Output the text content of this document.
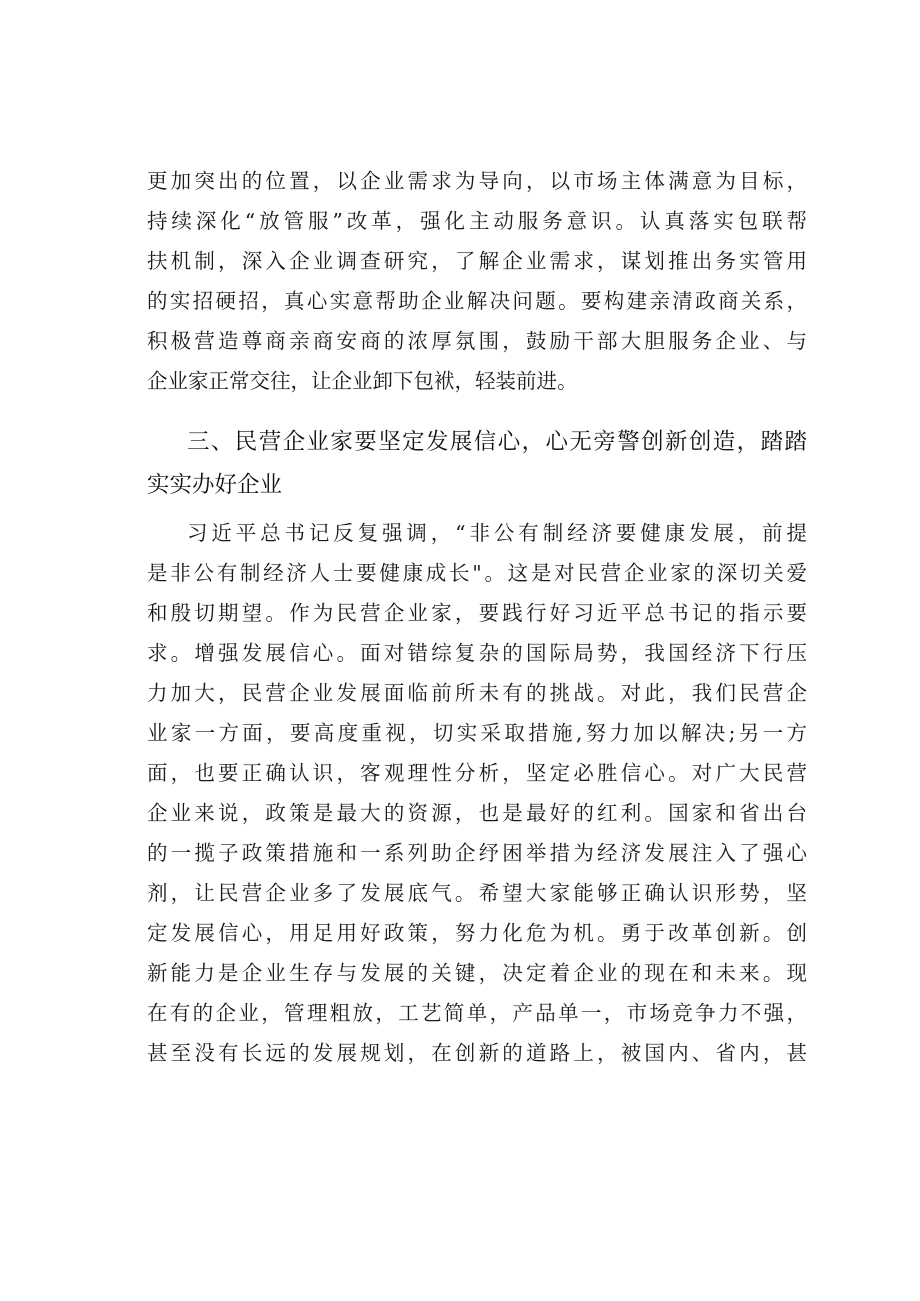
更加突出的位置，以企业需求为导向，以市场主体满意为目标，
持续深化“放管服”改革，强化主动服务意识。认真落实包联帮
扶机制，深入企业调查研究，了解企业需求，谋划推出务实管用
的实招硬招，真心实意帮助企业解决问题。要构建亲清政商关系，
积极营造尊商亲商安商的浓厚氛围，鼓励干部大胆服务企业、与
企业家正常交往，让企业卸下包袱，轻装前进。
三、民营企业家要坚定发展信心，心无旁警创新创造，踏踏
实实办好企业
习近平总书记反复强调，“非公有制经济要健康发展，前提
是非公有制经济人士要健康成长"。这是对民营企业家的深切关爱
和殷切期望。作为民营企业家，要践行好习近平总书记的指示要
求。增强发展信心。面对错综复杂的国际局势，我国经济下行压
力加大，民营企业发展面临前所未有的挑战。对此，我们民营企
业家一方面，要高度重视，切实采取措施,努力加以解决;另一方
面，也要正确认识，客观理性分析，坚定必胜信心。对广大民营
企业来说，政策是最大的资源，也是最好的红利。国家和省出台
的一揽子政策措施和一系列助企纾困举措为经济发展注入了强心
剂，让民营企业多了发展底气。希望大家能够正确认识形势，坚
定发展信心，用足用好政策，努力化危为机。勇于改革创新。创
新能力是企业生存与发展的关键，决定着企业的现在和未来。现
在有的企业，管理粗放，工艺简单，产品单一，市场竞争力不强，
甚至没有长远的发展规划，在创新的道路上，被国内、省内，甚
